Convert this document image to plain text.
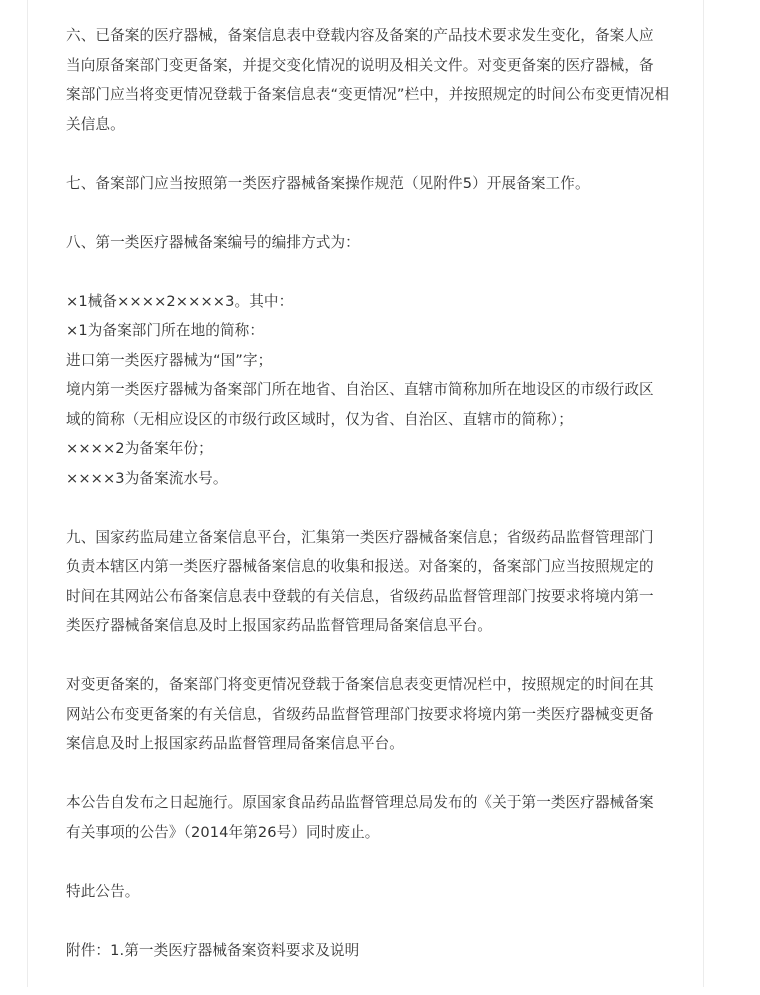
六、已备案的医疗器械，备案信息表中登载内容及备案的产品技术要求发生变化，备案人应
当向原备案部门变更备案，并提交变化情况的说明及相关文件。对变更备案的医疗器械，备
案部门应当将变更情况登载于备案信息表“变更情况”栏中，并按照规定的时间公布变更情况相
关信息。
七、备案部门应当按照第一类医疗器械备案操作规范（见附件5）开展备案工作。
八、第一类医疗器械备案编号的编排方式为：
×1械备××××2××××3。其中：
×1为备案部门所在地的简称：
进口第一类医疗器械为“国”字；
境内第一类医疗器械为备案部门所在地省、自治区、直辖市简称加所在地设区的市级行政区
域的简称（无相应设区的市级行政区域时，仅为省、自治区、直辖市的简称）；
××××2为备案年份；
××××3为备案流水号。
九、国家药监局建立备案信息平台，汇集第一类医疗器械备案信息；省级药品监督管理部门
负责本辖区内第一类医疗器械备案信息的收集和报送。对备案的，备案部门应当按照规定的
时间在其网站公布备案信息表中登载的有关信息，省级药品监督管理部门按要求将境内第一
类医疗器械备案信息及时上报国家药品监督管理局备案信息平台。
对变更备案的，备案部门将变更情况登载于备案信息表变更情况栏中，按照规定的时间在其
网站公布变更备案的有关信息，省级药品监督管理部门按要求将境内第一类医疗器械变更备
案信息及时上报国家药品监督管理局备案信息平台。
本公告自发布之日起施行。原国家食品药品监督管理总局发布的《关于第一类医疗器械备案
有关事项的公告》（2014年第26号）同时废止。
特此公告。
附件：1.第一类医疗器械备案资料要求及说明
